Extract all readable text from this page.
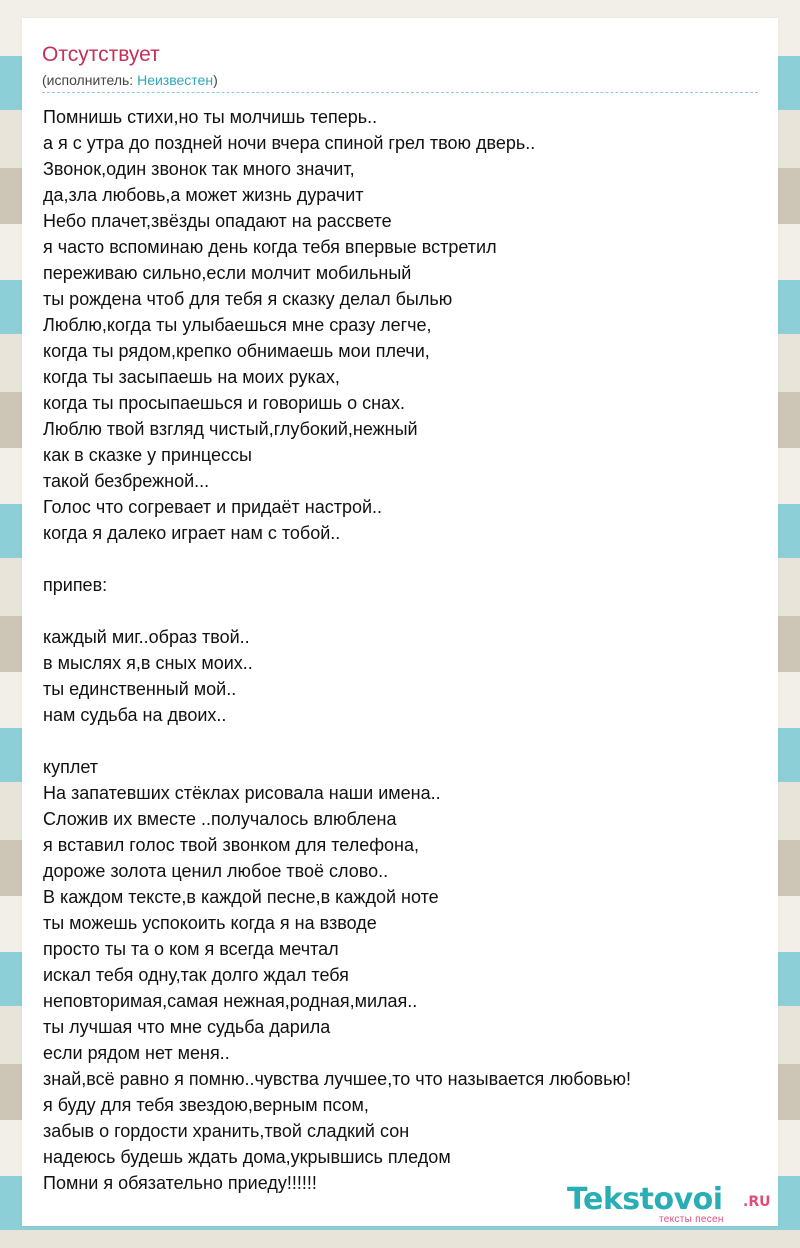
Отсутствует
(исполнитель: Неизвестен)
Помнишь стихи,но ты молчишь теперь..
а я с утра до поздней ночи вчера спиной грел твою дверь..
Звонок,один звонок так много значит,
да,зла любовь,а может жизнь дурачит
Небо плачет,звёзды опадают на рассвете
я часто вспоминаю день когда тебя впервые встретил
переживаю сильно,если молчит мобильный
ты рождена чтоб для тебя я сказку делал былью
Люблю,когда ты улыбаешься мне сразу легче,
когда ты рядом,крепко обнимаешь мои плечи,
когда ты засыпаешь на моих руках,
когда ты просыпаешься и говоришь о снах.
Люблю твой взгляд чистый,глубокий,нежный
как в сказке у принцессы
такой безбрежной...
Голос что согревает и придаёт настрой..
когда я далеко играет нам с тобой..
припев:
каждый миг..образ твой..
в мыслях я,в сных моих..
ты единственный мой..
нам судьба на двоих..
куплет
На запатевших стёклах рисовала наши имена..
Сложив их вместе ..получалось влюблена
я вставил голос твой звонком для телефона,
дороже золота ценил любое твоё слово..
В каждом тексте,в каждой песне,в каждой ноте
ты можешь успокоить когда я на взводе
просто ты та о ком я всегда мечтал
искал тебя одну,так долго ждал тебя
неповторимая,самая нежная,родная,милая..
ты лучшая что мне судьба дарила
если рядом нет меня..
знай,всё равно я помню..чувства лучшее,то что называется любовью!
я буду для тебя звездою,верным псом,
забыв о гордости хранить,твой сладкий сон
надеюсь будешь ждать дома,укрывшись пледом
Помни я обязательно приеду!!!!!!	Tekstovoi .RU
тексты песен
